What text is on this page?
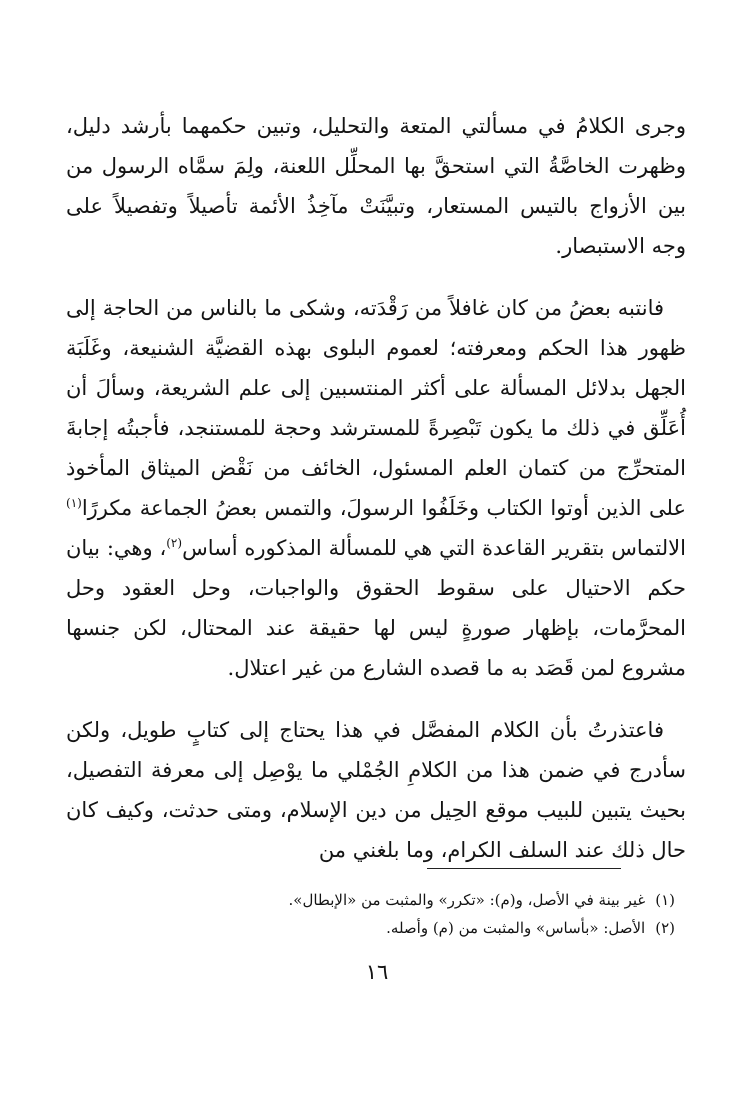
وجرى الكلامُ في مسألتي المتعة والتحليل، وتبين حكمهما بأرشد دليل، وظهرت الخاصَّةُ التي استحقَّ بها المحلِّل اللعنة، ولِمَ سمَّاه الرسول من بين الأزواج بالتيس المستعار، وتبيَّنَتْ مآخِذُ الأئمة تأصيلاً وتفصيلاً على وجه الاستبصار.

فانتبه بعضُ من كان غافلاً من رَقْدَته، وشكى ما بالناس من الحاجة إلى ظهور هذا الحكم ومعرفته؛ لعموم البلوى بهذه القضيَّة الشنيعة، وغَلَبَة الجهل بدلائل المسألة على أكثر المنتسبين إلى علم الشريعة، وسألَ أن أُعَلِّق في ذلك ما يكون تَبْصِرةً للمسترشد وحجة للمستنجد، فأجبتُه إجابةَ المتحرِّج من كتمان العلم المسئول، الخائف من نَقْض الميثاق المأخوذ على الذين أوتوا الكتاب وخَلَفُوا الرسولَ، والتمس بعضُ الجماعة مكررًا$^{(١)}$ الالتماس بتقرير القاعدة التي هي للمسألة المذكوره أساس$^{(٢)}$، وهي: بيان حكم الاحتيال على سقوط الحقوق والواجبات، وحل العقود وحل المحرَّمات، بإظهار صورةٍ ليس لها حقيقة عند المحتال، لكن جنسها مشروع لمن قَصَد به ما قصده الشارع من غير اعتلال.

فاعتذرتُ بأن الكلام المفصَّل في هذا يحتاج إلى كتابٍ طويل، ولكن سأدرج في ضمن هذا من الكلامِ الجُمْلي ما يوْصِل إلى معرفة التفصيل، بحيث يتبين للبيب موقع الحِيل من دين الإسلام، ومتى حدثت، وكيف كان حال ذلك عند السلف الكرام، وما بلغني من

(١)غير بينة في الأصل، و(م): «تكرر» والمثبت من «الإبطال».
(٢)الأصل: «بأساس» والمثبت من (م) وأصله.
١٦
